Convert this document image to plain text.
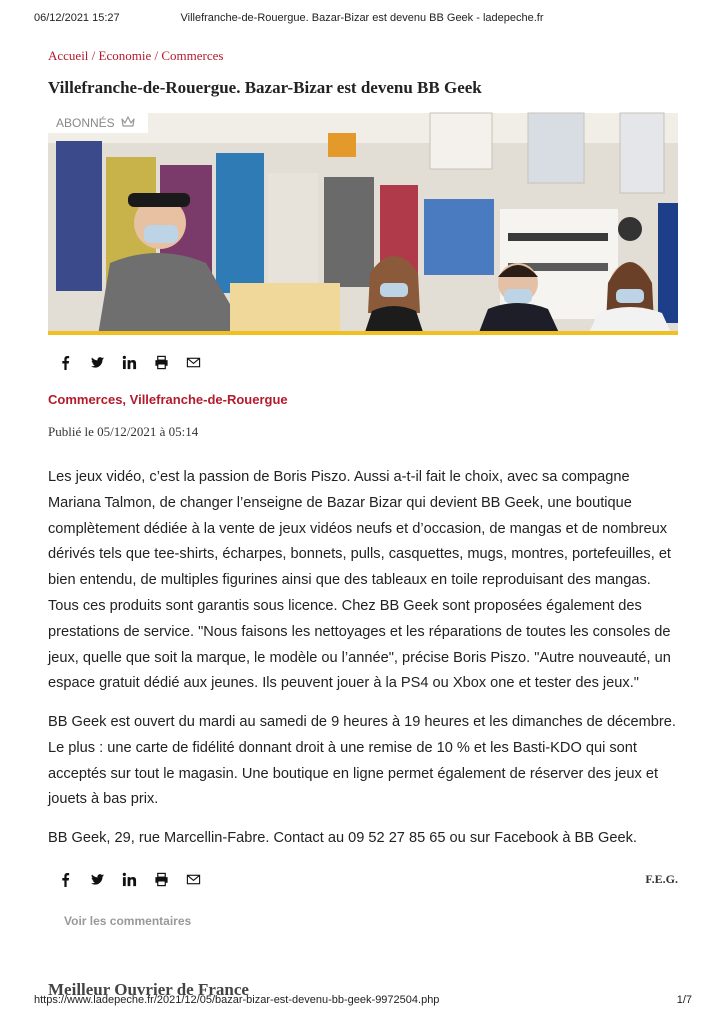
06/12/2021 15:27	Villefranche-de-Rouergue. Bazar-Bizar est devenu BB Geek - ladepeche.fr
Accueil / Economie / Commerces
Villefranche-de-Rouergue. Bazar-Bizar est devenu BB Geek
ABONNÉS
Commerces, Villefranche-de-Rouergue
Publié le 05/12/2021 à 05:14

Les jeux vidéo, c’est la passion de Boris Piszo. Aussi a-t-il fait le choix, avec sa compagne Mariana Talmon, de changer l’enseigne de Bazar Bizar qui devient BB Geek, une boutique complètement dédiée à la vente de jeux vidéos neufs et d’occasion, de mangas et de nombreux dérivés tels que tee-shirts, écharpes, bonnets, pulls, casquettes, mugs, montres, portefeuilles, et bien entendu, de multiples figurines ainsi que des tableaux en toile reproduisant des mangas. Tous ces produits sont garantis sous licence. Chez BB Geek sont proposées également des prestations de service. "Nous faisons les nettoyages et les réparations de toutes les consoles de jeux, quelle que soit la marque, le modèle ou l’année", précise Boris Piszo. "Autre nouveauté, un espace gratuit dédié aux jeunes. Ils peuvent jouer à la PS4 ou Xbox one et tester des jeux."

BB Geek est ouvert du mardi au samedi de 9 heures à 19 heures et les dimanches de décembre. Le plus : une carte de fidélité donnant droit à une remise de 10 % et les Basti-KDO qui sont acceptés sur tout le magasin. Une boutique en ligne permet également de réserver des jeux et jouets à bas prix.

BB Geek, 29, rue Marcellin-Fabre. Contact au 09 52 27 85 65 ou sur Facebook à BB Geek.

F.E.G.
Voir les commentaires
Meilleur Ouvrier de France
https://www.ladepeche.fr/2021/12/05/bazar-bizar-est-devenu-bb-geek-9972504.php	1/7
